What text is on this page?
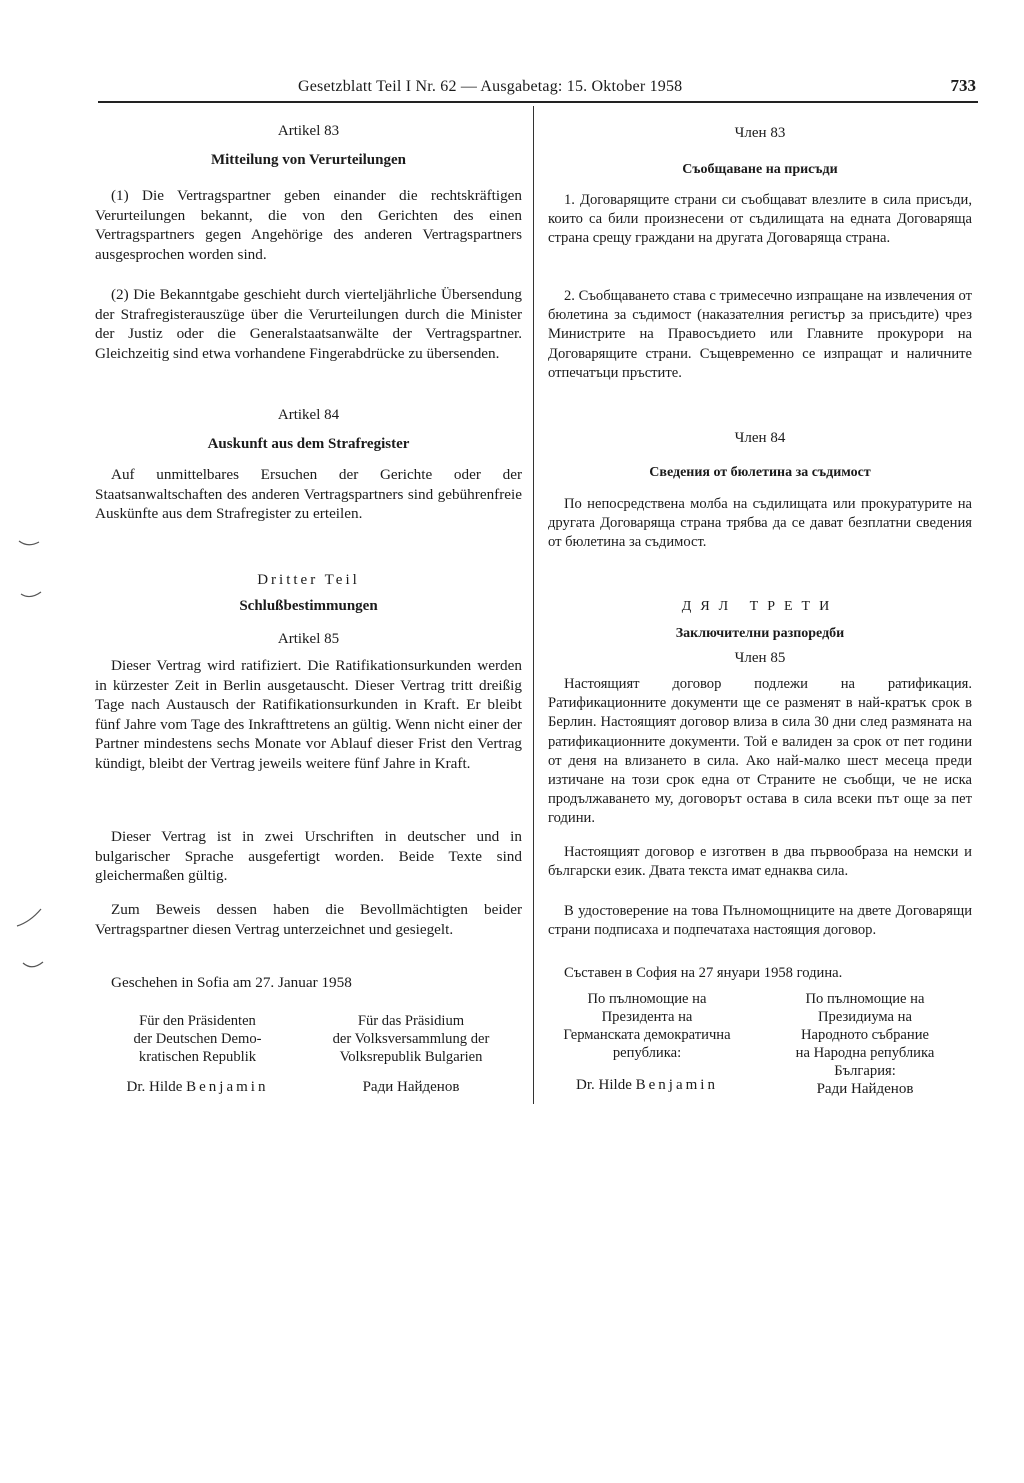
Gesetzblatt Teil I Nr. 62 — Ausgabetag: 15. Oktober 1958	733
Artikel 83
Mitteilung von Verurteilungen

(1) Die Vertragspartner geben einander die rechtskräftigen Verurteilungen bekannt, die von den Gerichten des einen Vertragspartners gegen Angehörige des anderen Vertragspartners ausgesprochen worden sind.

(2) Die Bekanntgabe geschieht durch vierteljährliche Übersendung der Strafregisterauszüge über die Verurteilungen durch die Minister der Justiz oder die Generalstaatsanwälte der Vertragspartner. Gleichzeitig sind etwa vorhandene Fingerabdrücke zu übersenden.

Artikel 84
Auskunft aus dem Strafregister

Auf unmittelbares Ersuchen der Gerichte oder der Staatsanwaltschaften des anderen Vertragspartners sind gebührenfreie Auskünfte aus dem Strafregister zu erteilen.

Dritter Teil
Schlußbestimmungen
Artikel 85

Dieser Vertrag wird ratifiziert. Die Ratifikationsurkunden werden in kürzester Zeit in Berlin ausgetauscht. Dieser Vertrag tritt dreißig Tage nach Austausch der Ratifikationsurkunden in Kraft. Er bleibt fünf Jahre vom Tage des Inkrafttretens an gültig. Wenn nicht einer der Partner mindestens sechs Monate vor Ablauf dieser Frist den Vertrag kündigt, bleibt der Vertrag jeweils weitere fünf Jahre in Kraft.

Dieser Vertrag ist in zwei Urschriften in deutscher und in bulgarischer Sprache ausgefertigt worden. Beide Texte sind gleichermaßen gültig.

Zum Beweis dessen haben die Bevollmächtigten beider Vertragspartner diesen Vertrag unterzeichnet und gesiegelt.

Geschehen in Sofia am 27. Januar 1958

Für den Präsidenten
der Deutschen Demo-
kratischen Republik
Dr. Hilde Benjamin
Für das Präsidium
der Volksversammlung der
Volksrepublik Bulgarien
Ради Найденов
Член 83
Съобщаване на присъди

1. Договарящите страни си съобщават влезлите в сила присъди, които са били произнесени от съдилищата на едната Договаряща страна срещу граждани на другата Договаряща страна.

2. Съобщаването става с тримесечно изпращане на извлечения от бюлетина за съдимост (наказателния регистър за присъдите) чрез Министрите на Правосъдието или Главните прокурори на Договарящите страни. Същевременно се изпращат и наличните отпечатъци пръстите.

Член 84
Сведения от бюлетина за съдимост

По непосредствена молба на съдилищата или прокуратурите на другата Договаряща страна трябва да се дават безплатни сведения от бюлетина за съдимост.

ДЯЛ ТРЕТИ
Заключителни разпоредби
Член 85

Настоящият договор подлежи на ратификация. Ратификационните документи ще се разменят в най-кратък срок в Берлин. Настоящият договор влиза в сила 30 дни след размяната на ратификационните документи. Той е валиден за срок от пет години от деня на влизането в сила. Ако най-малко шест месеца преди изтичане на този срок една от Страните не съобщи, че не иска продължаването му, договорът остава в сила всеки път още за пет години.

Настоящият договор е изготвен в два първообраза на немски и български език. Двата текста имат еднаква сила.

В удостоверение на това Пълномощниците на двете Договарящи страни подписаха и подпечатаха настоящия договор.

Съставен в София на 27 януари 1958 година.

По пълномощие на
Президента на
Германската демократична
република:
Dr. Hilde Benjamin
По пълномощие на
Президиума на
Народното събрание
на Народна република
България:
Ради Найденов
